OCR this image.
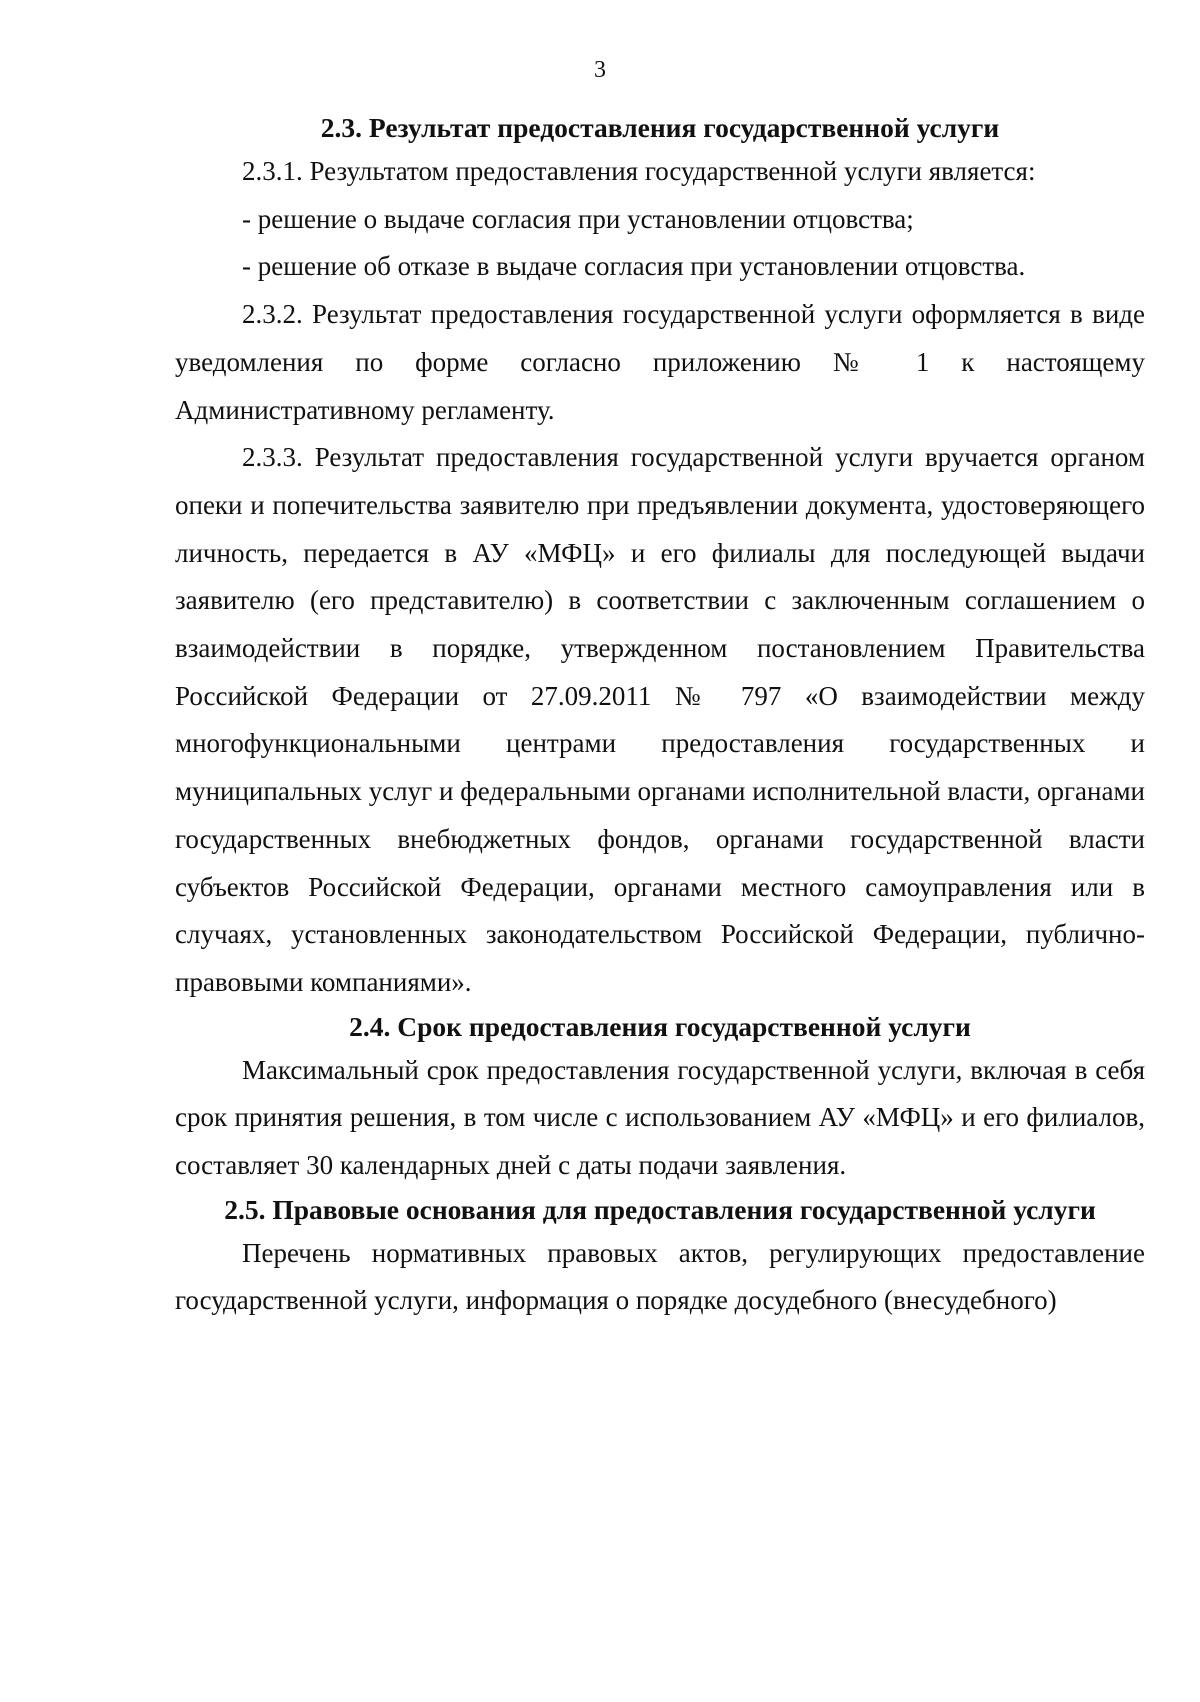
3
2.3. Результат предоставления государственной услуги

2.3.1. Результатом предоставления государственной услуги является:

- решение о выдаче согласия при установлении отцовства;

- решение об отказе в выдаче согласия при установлении отцовства.

2.3.2. Результат предоставления государственной услуги оформляется в виде уведомления по форме согласно приложению № 1 к настоящему Административному регламенту.

2.3.3. Результат предоставления государственной услуги вручается органом опеки и попечительства заявителю при предъявлении документа, удостоверяющего личность, передается в АУ «МФЦ» и его филиалы для последующей выдачи заявителю (его представителю) в соответствии с заключенным соглашением о взаимодействии в порядке, утвержденном постановлением Правительства Российской Федерации от 27.09.2011 № 797 «О взаимодействии между многофункциональными центрами предоставления государственных и муниципальных услуг и федеральными органами исполнительной власти, органами государственных внебюджетных фондов, органами государственной власти субъектов Российской Федерации, органами местного самоуправления или в случаях, установленных законодательством Российской Федерации, публично-правовыми компаниями».

2.4. Срок предоставления государственной услуги

Максимальный срок предоставления государственной услуги, включая в себя срок принятия решения, в том числе с использованием АУ «МФЦ» и его филиалов, составляет 30 календарных дней с даты подачи заявления.

2.5. Правовые основания для предоставления государственной услуги

Перечень нормативных правовых актов, регулирующих предоставление государственной услуги, информация о порядке досудебного (внесудебного)
